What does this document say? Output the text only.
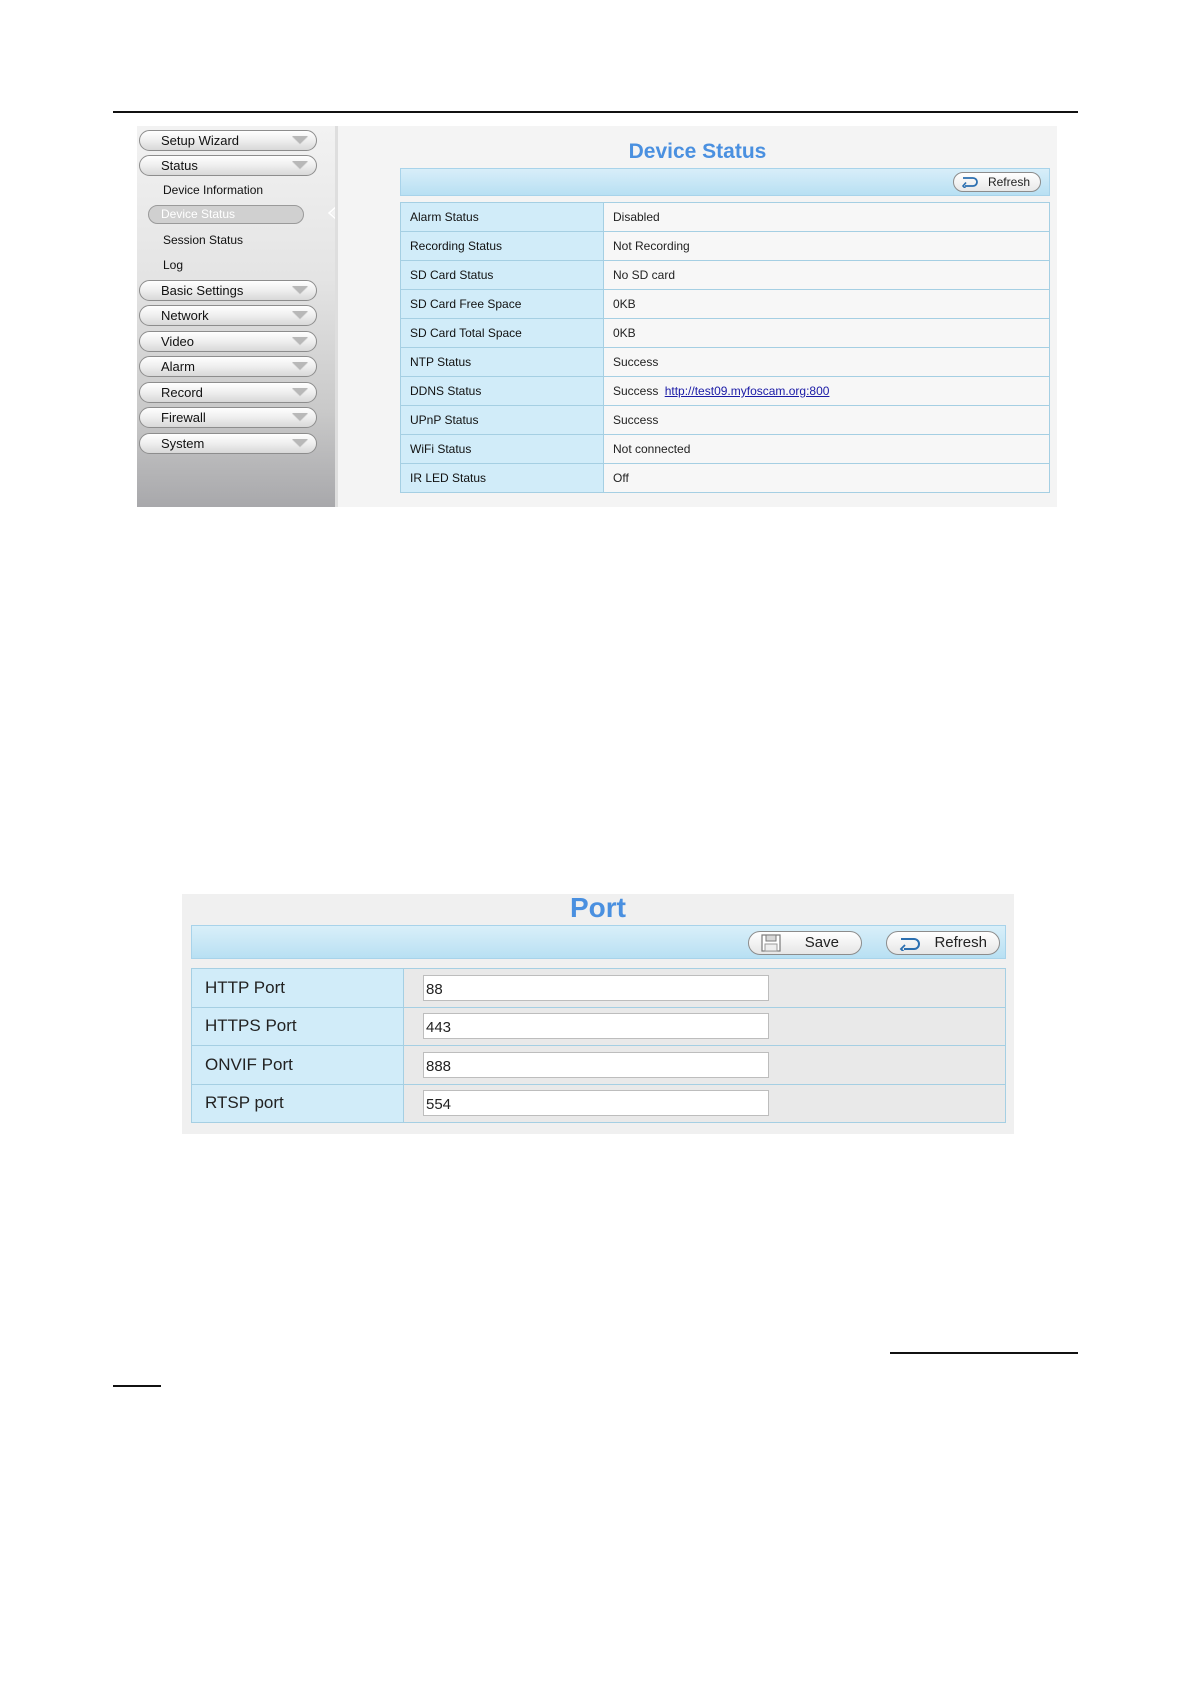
Setup Wizard
Status
Device Information
Device Status
Session Status
Log
Basic Settings
Network
Video
Alarm
Record
Firewall
System
Device Status
Refresh
Alarm Status	Disabled
Recording Status	Not Recording
SD Card Status	No SD card
SD Card Free Space	0KB
SD Card Total Space	0KB
NTP Status	Success
DDNS Status	Success http://test09.myfoscam.org:800
UPnP Status	Success
WiFi Status	Not connected
IR LED Status	Off
Port
Save	Refresh
HTTP Port	88
HTTPS Port	443
ONVIF Port	888
RTSP port	554
